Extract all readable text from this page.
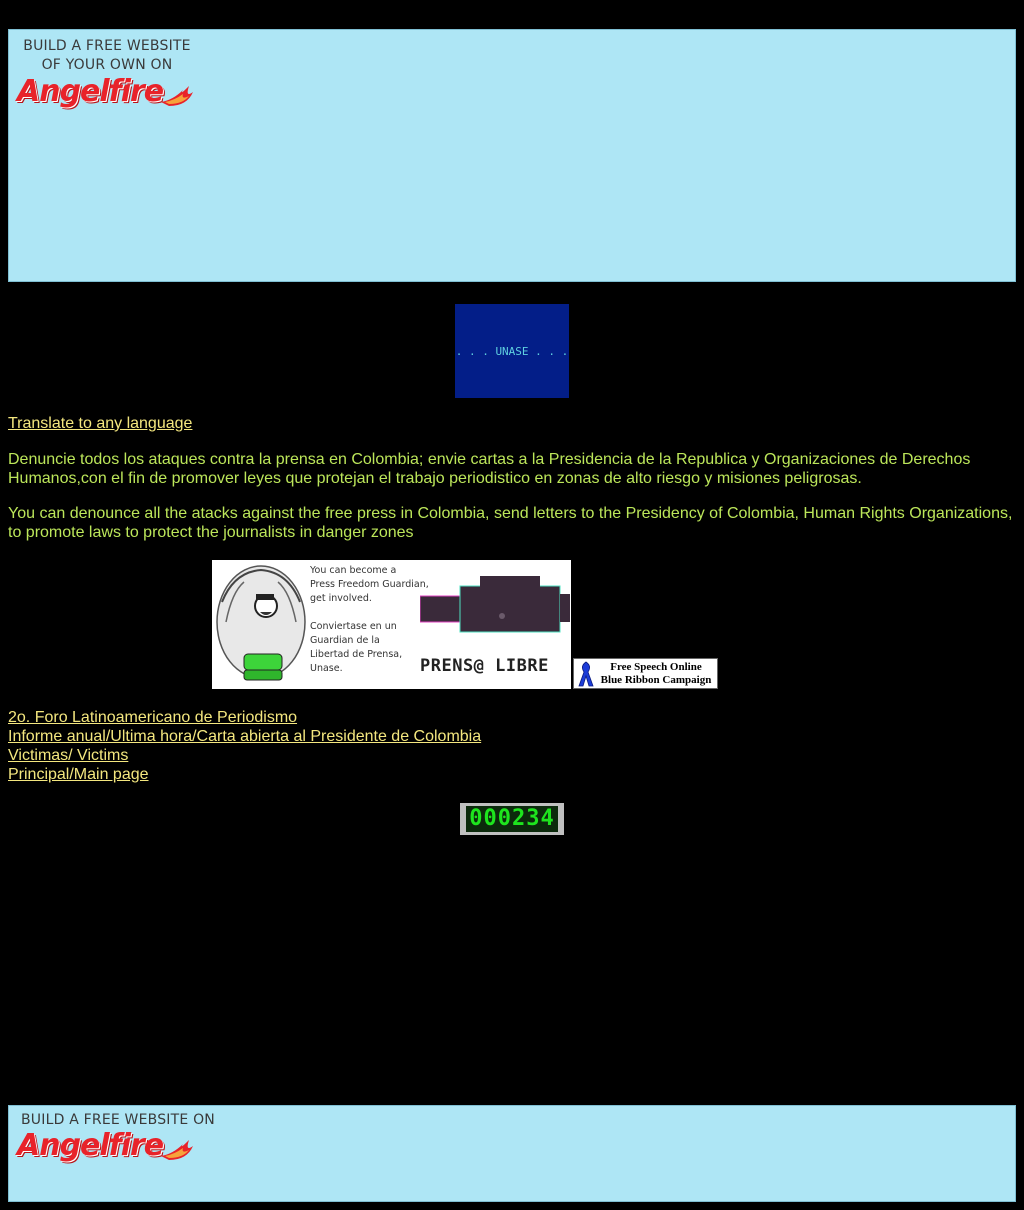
BUILD A FREE WEBSITE
OF YOUR OWN ON
Angelfire
. . . UNASE . . .
Translate to any language

Denuncie todos los ataques contra la prensa en Colombia; envie cartas a la Presidencia de la Republica y Organizaciones de Derechos Humanos,con el fin de promover leyes que protejan el trabajo periodistico en zonas de alto riesgo y misiones peligrosas.

You can denounce all the atacks against the free press in Colombia, send letters to the Presidency of Colombia, Human Rights Organizations, to promote laws to protect the journalists in danger zones

You can become a
Press Freedom Guardian,
get involved.
Conviertase en un
Guardian de la
Libertad de Prensa,
Unase.	PRENS@ LIBRE	Free Speech Online
Blue Ribbon Campaign
2o. Foro Latinoamericano de Periodismo
Informe anual/Ultima hora/Carta abierta al Presidente de Colombia
Victimas/ Victims
Principal/Main page
000234
BUILD A FREE WEBSITE ON
Angelfire
